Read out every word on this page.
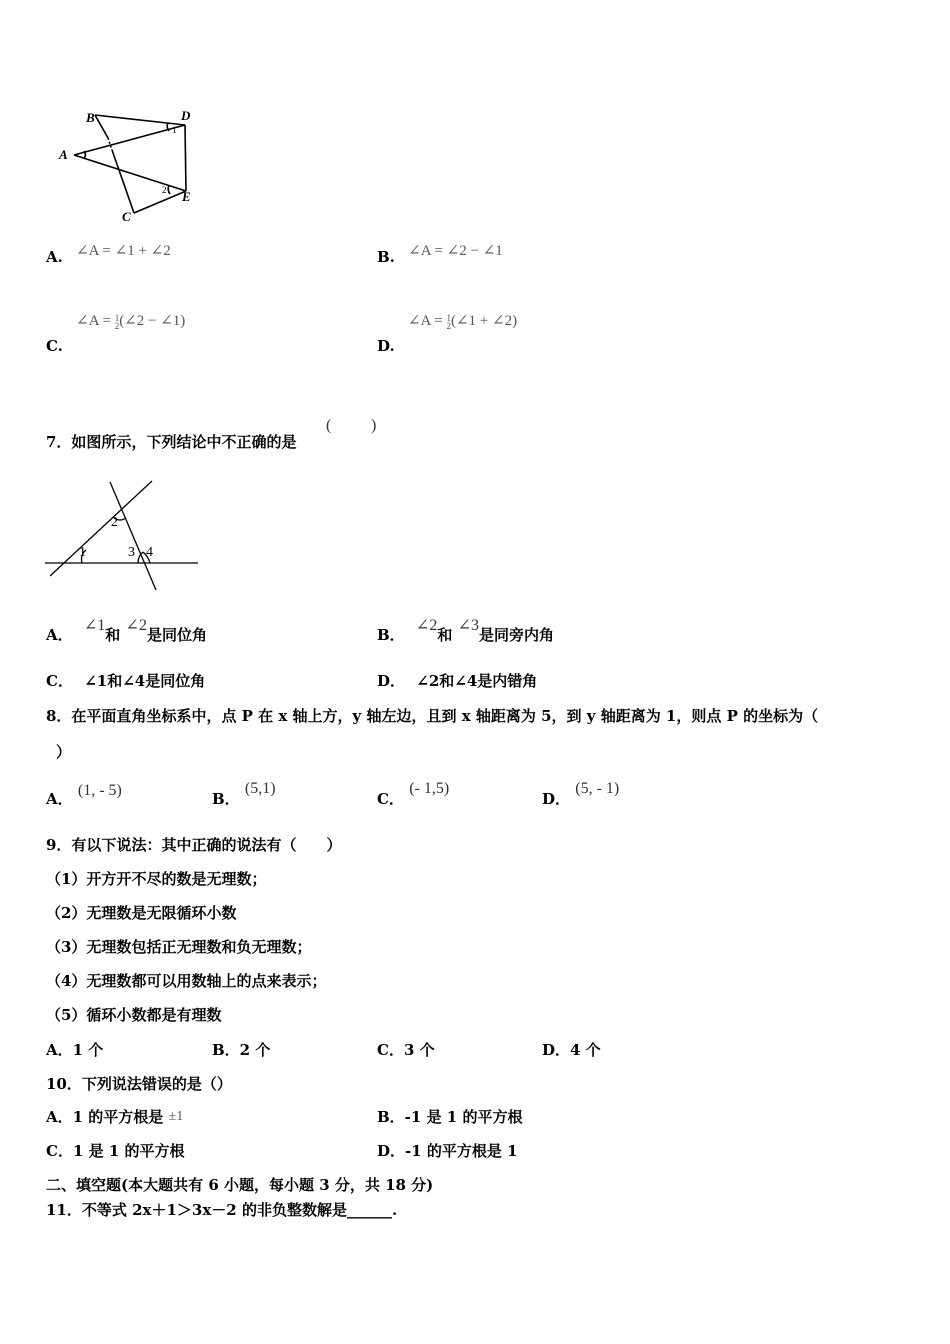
B	D
A
1
2
C
E
A. ∠A = ∠1 + ∠2	B. ∠A = ∠2 − ∠1
C. ∠A = 1
2(∠2 − ∠1)
D. ∠A = 1
2(∠1 + ∠2)
7．如图所示，下列结论中不正确的是
( )
2
1	3 4
A． ∠1和 ∠2是同位角	B． ∠2和 ∠3是同旁内角
C． ∠1和∠4是同位角	D． ∠2和∠4是内错角
8．在平面直角坐标系中，点 P 在 x 轴上方，y 轴左边，且到 x 轴距离为 5，到 y 轴距离为 1，则点 P 的坐标为（
）
A． (1, - 5)	B． (5,1)
C． (- 1,5)
D． (5, - 1)
9．有以下说法：其中正确的说法有（　　）
（1）开方开不尽的数是无理数；
（2）无理数是无限循环小数
（3）无理数包括正无理数和负无理数；
（4）无理数都可以用数轴上的点来表示；
（5）循环小数都是有理数
A．1 个	B．2 个	C．3 个	D．4 个
10．下列说法错误的是（）
A．1 的平方根是 ±1	B．-1 是 1 的平方根
C．1 是 1 的平方根	D．-1 的平方根是 1
二、填空题(本大题共有 6 小题，每小题 3 分，共 18 分)
11．不等式 2x＋1＞3x－2 的非负整数解是______.
